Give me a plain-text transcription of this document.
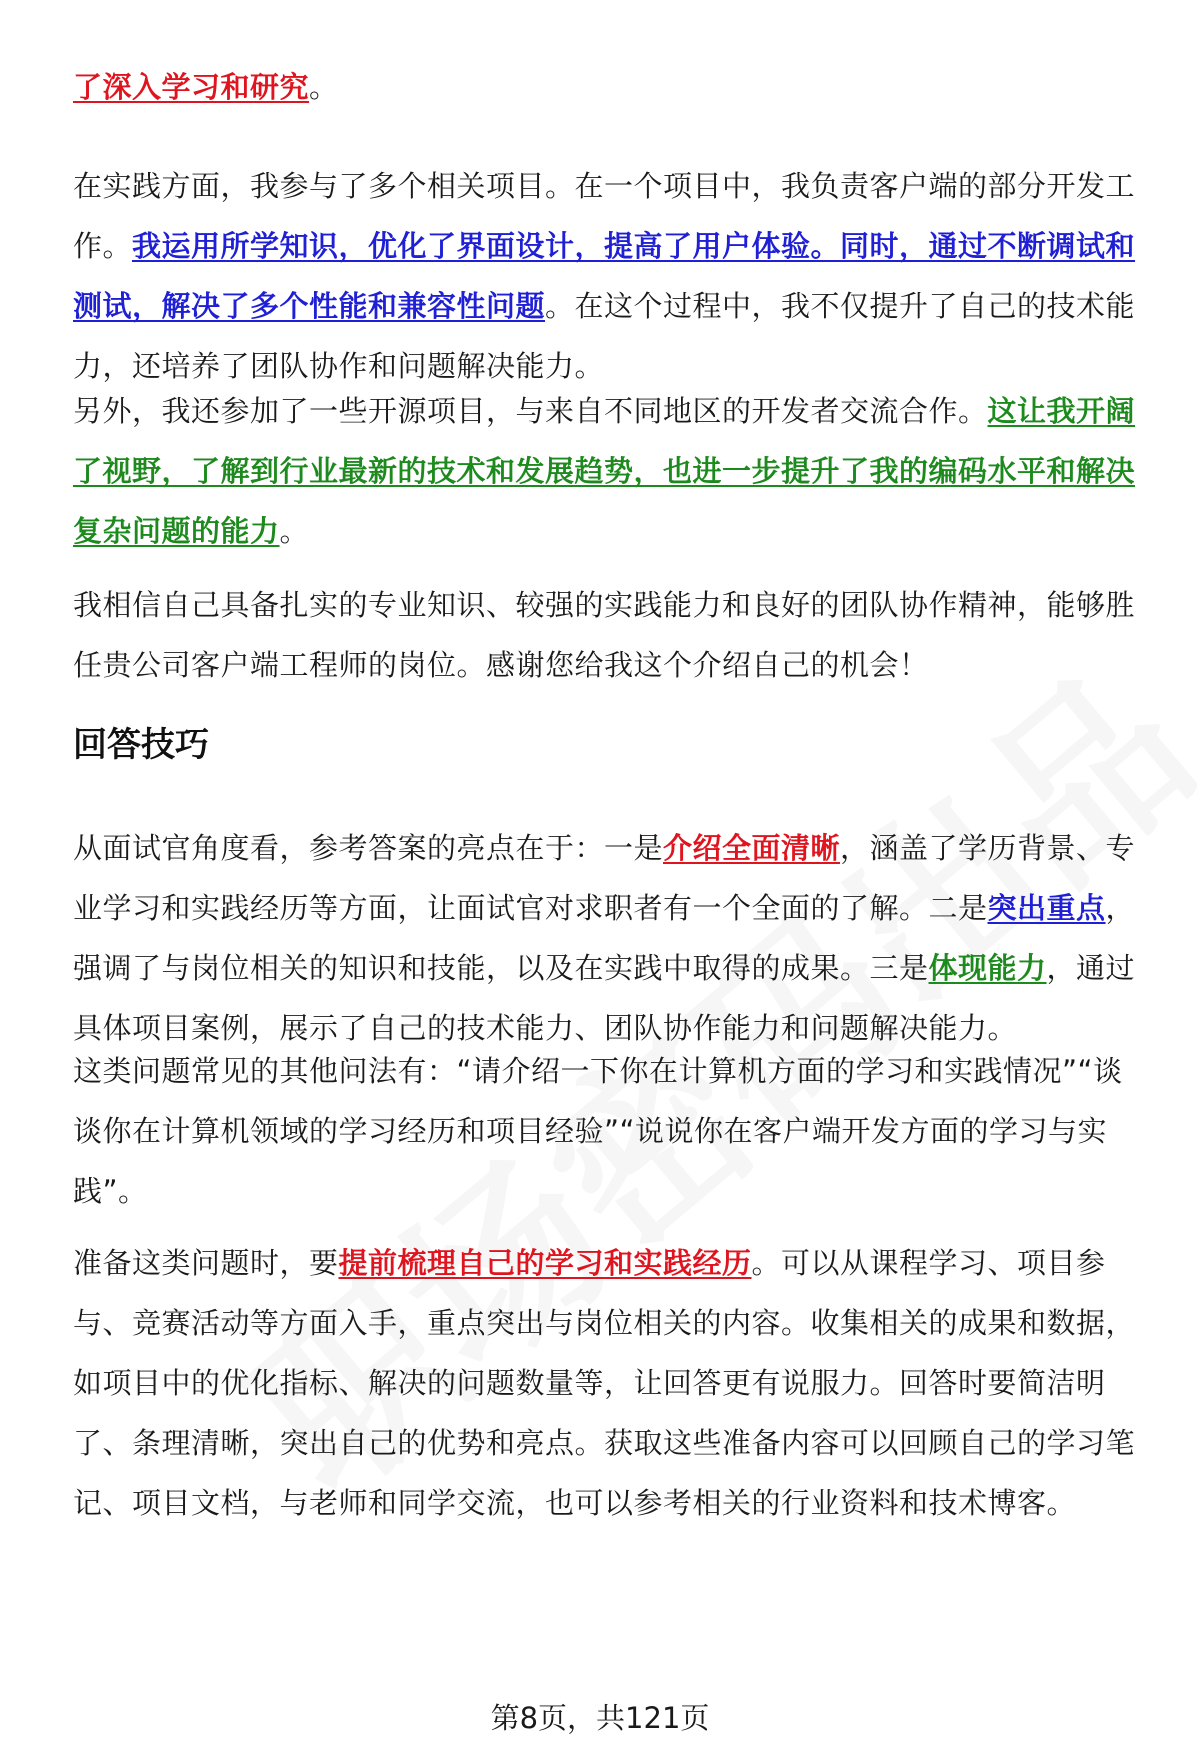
了深入学习和研究。

在实践方面，我参与了多个相关项目。在一个项目中，我负责客户端的部分开发工作。我运用所学知识，优化了界面设计，提高了用户体验。同时，通过不断调试和测试，解决了多个性能和兼容性问题。在这个过程中，我不仅提升了自己的技术能力，还培养了团队协作和问题解决能力。

另外，我还参加了一些开源项目，与来自不同地区的开发者交流合作。这让我开阔了视野，了解到行业最新的技术和发展趋势，也进一步提升了我的编码水平和解决复杂问题的能力。

我相信自己具备扎实的专业知识、较强的实践能力和良好的团队协作精神，能够胜任贵公司客户端工程师的岗位。感谢您给我这个介绍自己的机会！

回答技巧

从面试官角度看，参考答案的亮点在于：一是介绍全面清晰，涵盖了学历背景、专业学习和实践经历等方面，让面试官对求职者有一个全面的了解。二是突出重点，强调了与岗位相关的知识和技能，以及在实践中取得的成果。三是体现能力，通过具体项目案例，展示了自己的技术能力、团队协作能力和问题解决能力。

这类问题常见的其他问法有：“请介绍一下你在计算机方面的学习和实践情况”“谈谈你在计算机领域的学习经历和项目经验”“说说你在客户端开发方面的学习与实践”。

准备这类问题时，要提前梳理自己的学习和实践经历。可以从课程学习、项目参与、竞赛活动等方面入手，重点突出与岗位相关的内容。收集相关的成果和数据，如项目中的优化指标、解决的问题数量等，让回答更有说服力。回答时要简洁明了、条理清晰，突出自己的优势和亮点。获取这些准备内容可以回顾自己的学习笔记、项目文档，与老师和同学交流，也可以参考相关的行业资料和技术博客。

第8页，共121页
